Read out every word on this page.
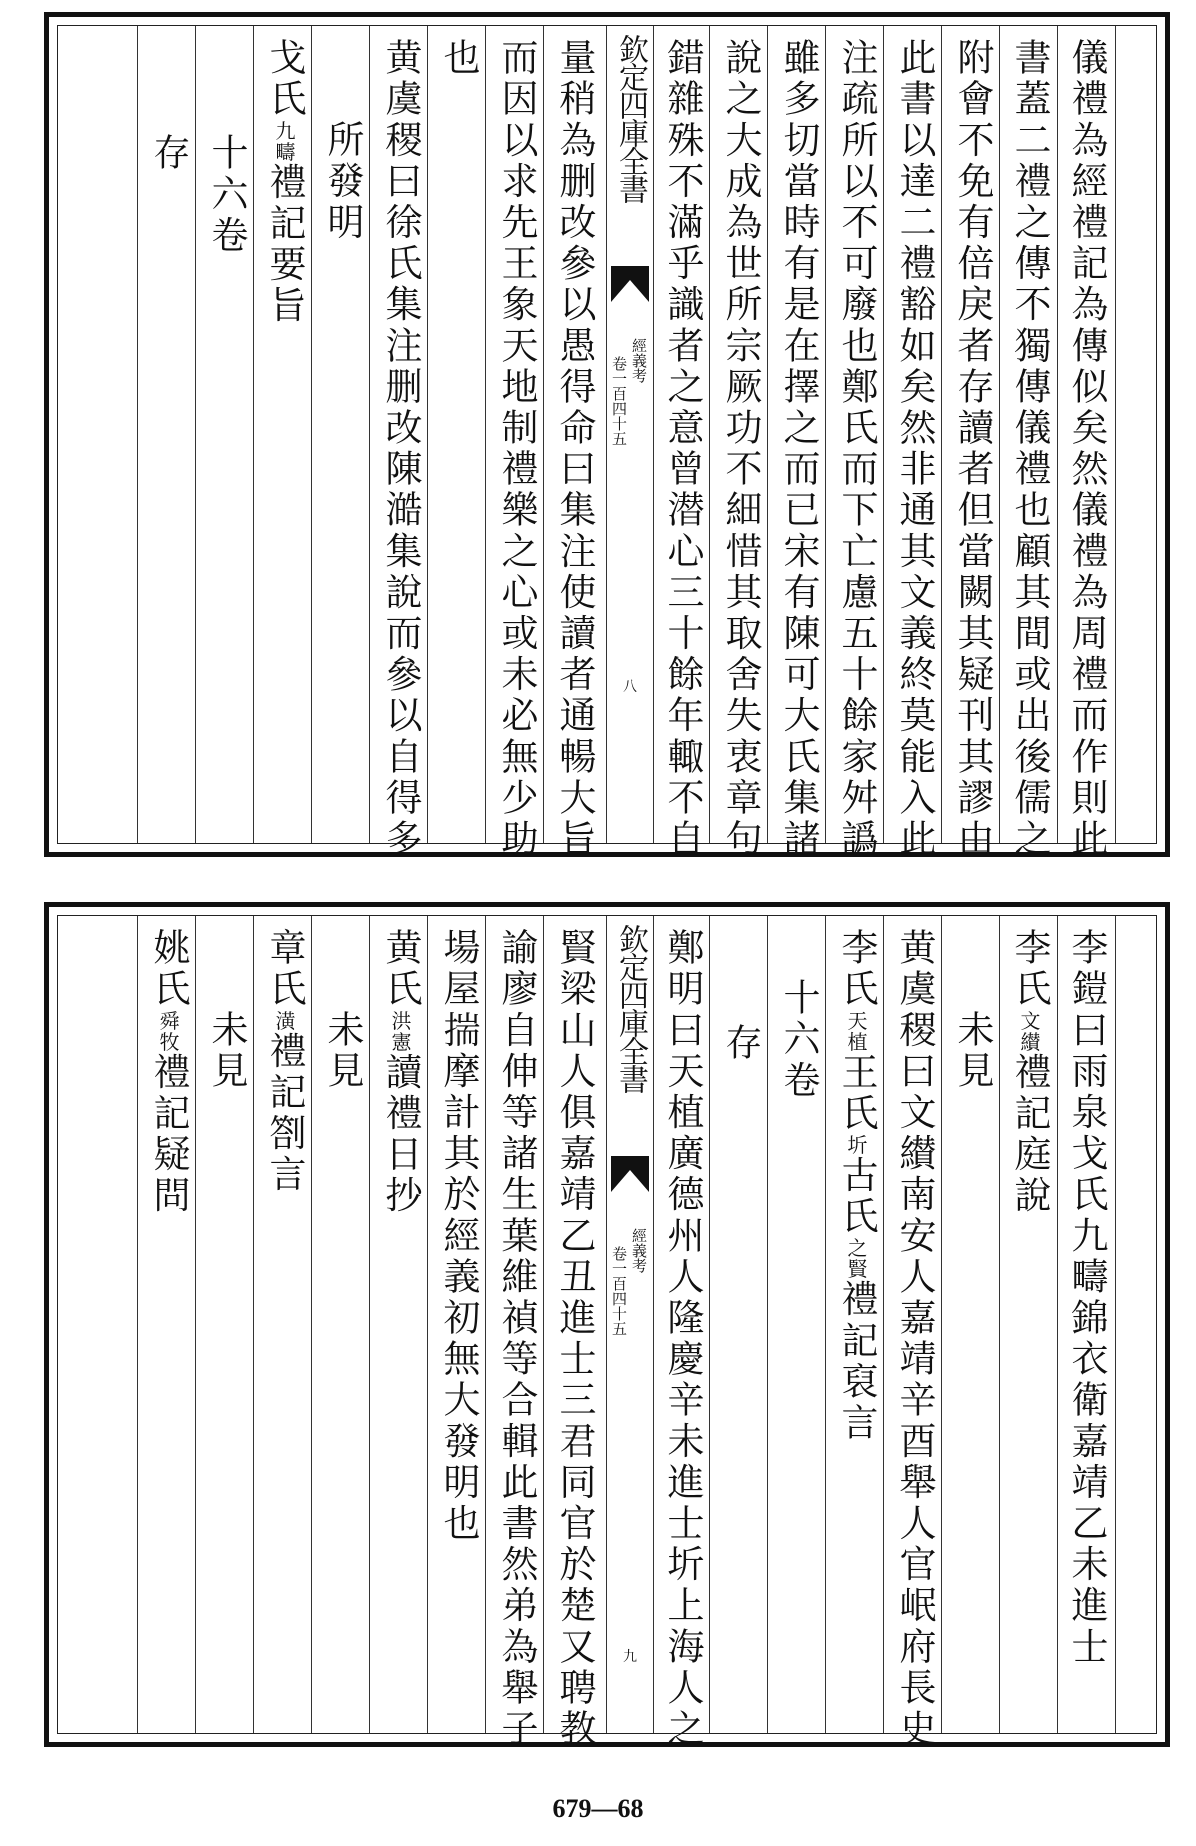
儀禮為經禮記為傳似矣然儀禮為周禮而作則此
書蓋二禮之傳不獨傳儀禮也顧其間或出後儒之
附會不免有倍戾者存讀者但當闕其疑刊其謬由
此書以達二禮豁如矣然非通其文義終莫能入此
注疏所以不可廢也鄭氏而下亡慮五十餘家舛譌
雖多切當時有是在擇之而已宋有陳可大氏集諸
說之大成為世所宗厥功不細惜其取舍失衷章句
錯雜殊不滿乎識者之意曾潜心三十餘年輙不自
欽定四庫全書
經義考
卷一百四十五
八
量稍為删改參以愚得命曰集注使讀者通暢大旨
而因以求先王象天地制禮樂之心或未必無少助
也
黄虞稷曰徐氏集注删改陳澔集說而參以自得多
所發明
戈氏九疇禮記要旨
十六卷
存
李鎧曰雨泉戈氏九疇錦衣衛嘉靖乙未進士
李氏文纉禮記庭說
未見
黄虞稷曰文纉南安人嘉靖辛酉舉人官岷府長史
李氏天植王氏圻古氏之賢禮記裒言
十六卷
存
鄭明曰天植廣德州人隆慶辛未進士圻上海人之
欽定四庫全書
經義考
卷一百四十五
九
賢梁山人俱嘉靖乙丑進士三君同官於楚又聘教
諭廖自伸等諸生葉維禎等合輯此書然弟為舉子
場屋揣摩計其於經義初無大發明也
黄氏洪憲讀禮日抄
未見
章氏潢禮記劄言
未見
姚氏舜牧禮記疑問
679—68
